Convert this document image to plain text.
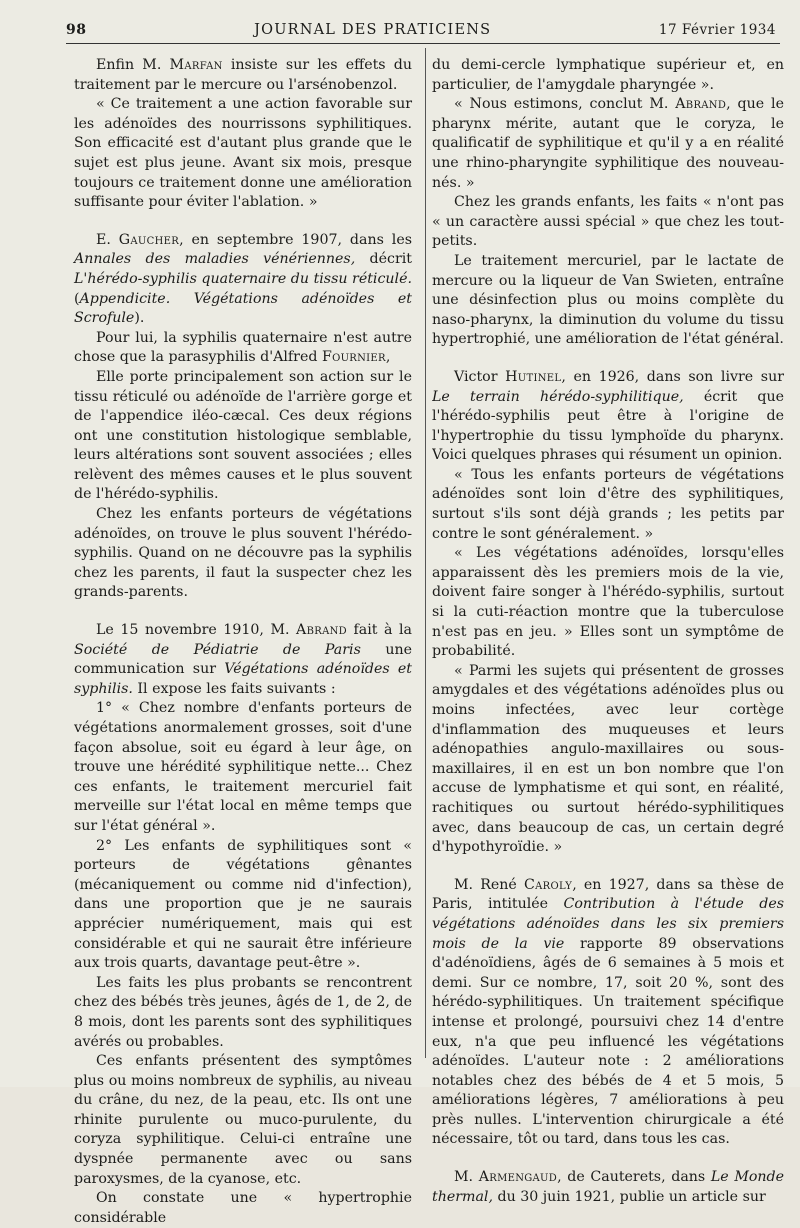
98	JOURNAL DES PRATICIENS	17 Février 1934

Enfin M. Marfan insiste sur les effets du traitement par le mercure ou l'arsénobenzol.

« Ce traitement a une action favorable sur les adénoïdes des nourrissons syphilitiques. Son efficacité est d'autant plus grande que le sujet est plus jeune. Avant six mois, presque toujours ce traitement donne une amélioration suffisante pour éviter l'ablation. »

E. Gaucher, en septembre 1907, dans les Annales des maladies vénériennes, décrit L'hérédo-syphilis quaternaire du tissu réticulé. (Appendicite. Végétations adénoïdes et Scrofule).

Pour lui, la syphilis quaternaire n'est autre chose que la parasyphilis d'Alfred Fournier,

Elle porte principalement son action sur le tissu réticulé ou adénoïde de l'arrière gorge et de l'appendice iléo-cæcal. Ces deux régions ont une constitution histologique semblable, leurs altérations sont souvent associées ; elles relèvent des mêmes causes et le plus souvent de l'hérédo-syphilis.

Chez les enfants porteurs de végétations adénoïdes, on trouve le plus souvent l'hérédo-syphilis. Quand on ne découvre pas la syphilis chez les parents, il faut la suspecter chez les grands-parents.

Le 15 novembre 1910, M. Abrand fait à la Société de Pédiatrie de Paris une communication sur Végétations adénoïdes et syphilis. Il expose les faits suivants :

1° « Chez nombre d'enfants porteurs de végétations anormalement grosses, soit d'une façon absolue, soit eu égard à leur âge, on trouve une hérédité syphilitique nette... Chez ces enfants, le traitement mercuriel fait merveille sur l'état local en même temps que sur l'état général ».

2° Les enfants de syphilitiques sont « porteurs de végétations gênantes (mécaniquement ou comme nid d'infection), dans une proportion que je ne saurais apprécier numériquement, mais qui est considérable et qui ne saurait être inférieure aux trois quarts, davantage peut-être ».

Les faits les plus probants se rencontrent chez des bébés très jeunes, âgés de 1, de 2, de 8 mois, dont les parents sont des syphilitiques avérés ou probables.

Ces enfants présentent des symptômes plus ou moins nombreux de syphilis, au niveau du crâne, du nez, de la peau, etc. Ils ont une rhinite purulente ou muco-purulente, du coryza syphilitique. Celui-ci entraîne une dyspnée permanente avec ou sans paroxysmes, de la cyanose, etc.

On constate une « hypertrophie considérable

du demi-cercle lymphatique supérieur et, en particulier, de l'amygdale pharyngée ».

« Nous estimons, conclut M. Abrand, que le pharynx mérite, autant que le coryza, le qualificatif de syphilitique et qu'il y a en réalité une rhino-pharyngite syphilitique des nouveau-nés. »

Chez les grands enfants, les faits « n'ont pas « un caractère aussi spécial » que chez les tout-petits.

Le traitement mercuriel, par le lactate de mercure ou la liqueur de Van Swieten, entraîne une désinfection plus ou moins complète du naso-pharynx, la diminution du volume du tissu hypertrophié, une amélioration de l'état général.

Victor Hutinel, en 1926, dans son livre sur Le terrain hérédo-syphilitique, écrit que l'hérédo-syphilis peut être à l'origine de l'hypertrophie du tissu lymphoïde du pharynx. Voici quelques phrases qui résument un opinion.

« Tous les enfants porteurs de végétations adénoïdes sont loin d'être des syphilitiques, surtout s'ils sont déjà grands ; les petits par contre le sont généralement. »

« Les végétations adénoïdes, lorsqu'elles apparaissent dès les premiers mois de la vie, doivent faire songer à l'hérédo-syphilis, surtout si la cuti-réaction montre que la tuberculose n'est pas en jeu. » Elles sont un symptôme de probabilité.

« Parmi les sujets qui présentent de grosses amygdales et des végétations adénoïdes plus ou moins infectées, avec leur cortège d'inflammation des muqueuses et leurs adénopathies angulo-maxillaires ou sous-maxillaires, il en est un bon nombre que l'on accuse de lymphatisme et qui sont, en réalité, rachitiques ou surtout hérédo-syphilitiques avec, dans beaucoup de cas, un certain degré d'hypothyroïdie. »

M. René Caroly, en 1927, dans sa thèse de Paris, intitulée Contribution à l'étude des végétations adénoïdes dans les six premiers mois de la vie rapporte 89 observations d'adénoïdiens, âgés de 6 semaines à 5 mois et demi. Sur ce nombre, 17, soit 20 %, sont des hérédo-syphilitiques. Un traitement spécifique intense et prolongé, poursuivi chez 14 d'entre eux, n'a que peu influencé les végétations adénoïdes. L'auteur note : 2 améliorations notables chez des bébés de 4 et 5 mois, 5 améliorations légères, 7 améliorations à peu près nulles. L'intervention chirurgicale a été nécessaire, tôt ou tard, dans tous les cas.

M. Armengaud, de Cauterets, dans Le Monde thermal, du 30 juin 1921, publie un article sur
